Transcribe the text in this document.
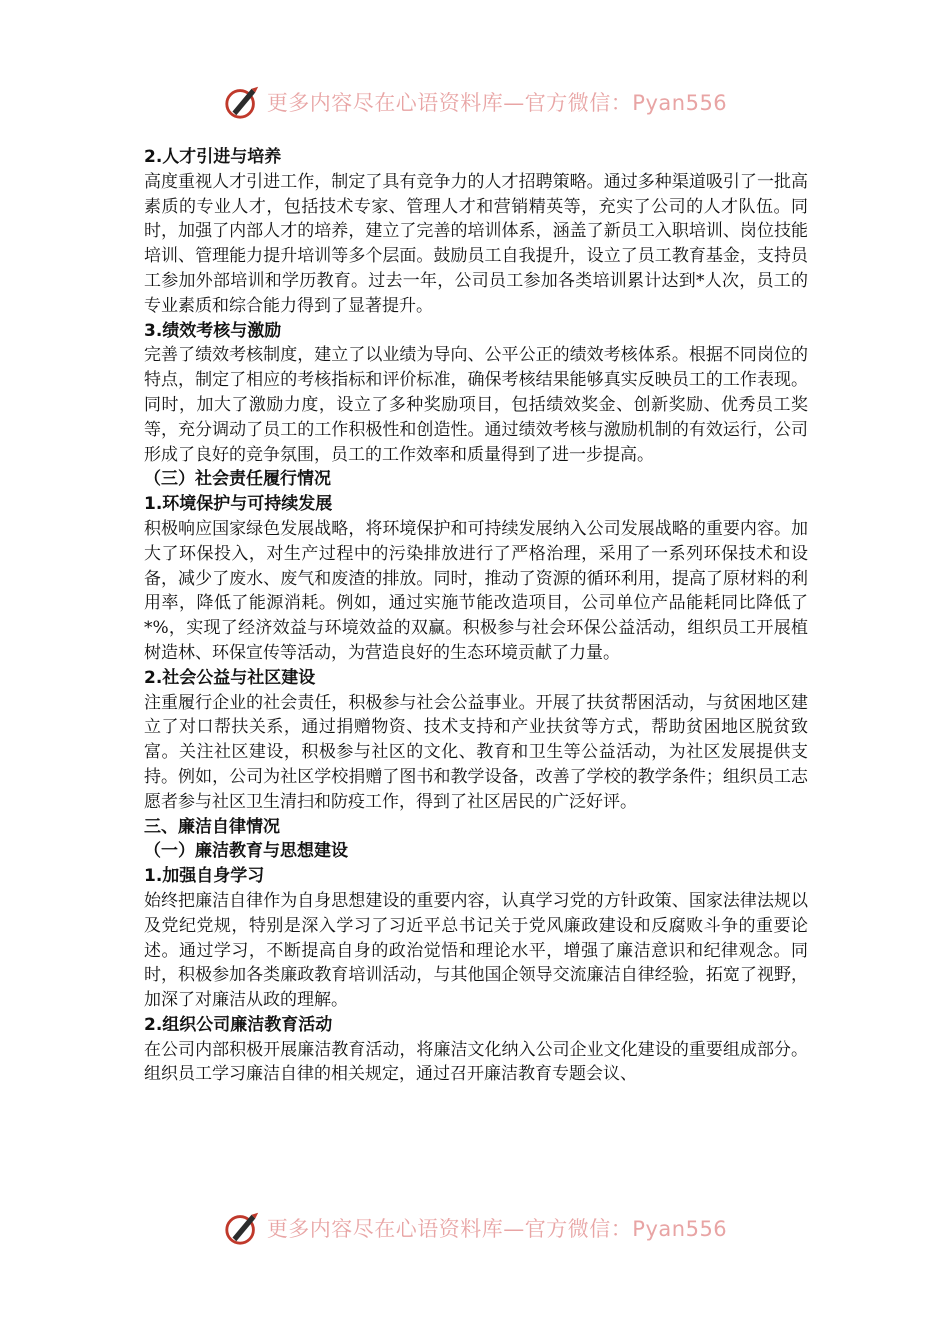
更多内容尽在心语资料库—官方微信：Pyan556
2.人才引进与培养
高度重视人才引进工作，制定了具有竞争力的人才招聘策略。通过多种渠道吸引了一批高素质的专业人才，包括技术专家、管理人才和营销精英等，充实了公司的人才队伍。同时，加强了内部人才的培养，建立了完善的培训体系，涵盖了新员工入职培训、岗位技能培训、管理能力提升培训等多个层面。鼓励员工自我提升，设立了员工教育基金，支持员工参加外部培训和学历教育。过去一年，公司员工参加各类培训累计达到*人次，员工的专业素质和综合能力得到了显著提升。
3.绩效考核与激励
完善了绩效考核制度，建立了以业绩为导向、公平公正的绩效考核体系。根据不同岗位的特点，制定了相应的考核指标和评价标准，确保考核结果能够真实反映员工的工作表现。同时，加大了激励力度，设立了多种奖励项目，包括绩效奖金、创新奖励、优秀员工奖等，充分调动了员工的工作积极性和创造性。通过绩效考核与激励机制的有效运行，公司形成了良好的竞争氛围，员工的工作效率和质量得到了进一步提高。
（三）社会责任履行情况
1.环境保护与可持续发展
积极响应国家绿色发展战略，将环境保护和可持续发展纳入公司发展战略的重要内容。加大了环保投入，对生产过程中的污染排放进行了严格治理，采用了一系列环保技术和设备，减少了废水、废气和废渣的排放。同时，推动了资源的循环利用，提高了原材料的利用率，降低了能源消耗。例如，通过实施节能改造项目，公司单位产品能耗同比降低了*%，实现了经济效益与环境效益的双赢。积极参与社会环保公益活动，组织员工开展植树造林、环保宣传等活动，为营造良好的生态环境贡献了力量。
2.社会公益与社区建设
注重履行企业的社会责任，积极参与社会公益事业。开展了扶贫帮困活动，与贫困地区建立了对口帮扶关系，通过捐赠物资、技术支持和产业扶贫等方式，帮助贫困地区脱贫致富。关注社区建设，积极参与社区的文化、教育和卫生等公益活动，为社区发展提供支持。例如，公司为社区学校捐赠了图书和教学设备，改善了学校的教学条件；组织员工志愿者参与社区卫生清扫和防疫工作，得到了社区居民的广泛好评。
三、廉洁自律情况
（一）廉洁教育与思想建设
1.加强自身学习
始终把廉洁自律作为自身思想建设的重要内容，认真学习党的方针政策、国家法律法规以及党纪党规，特别是深入学习了习近平总书记关于党风廉政建设和反腐败斗争的重要论述。通过学习，不断提高自身的政治觉悟和理论水平，增强了廉洁意识和纪律观念。同时，积极参加各类廉政教育培训活动，与其他国企领导交流廉洁自律经验，拓宽了视野，加深了对廉洁从政的理解。
2.组织公司廉洁教育活动
在公司内部积极开展廉洁教育活动，将廉洁文化纳入公司企业文化建设的重要组成部分。组织员工学习廉洁自律的相关规定，通过召开廉洁教育专题会议、
更多内容尽在心语资料库—官方微信：Pyan556
